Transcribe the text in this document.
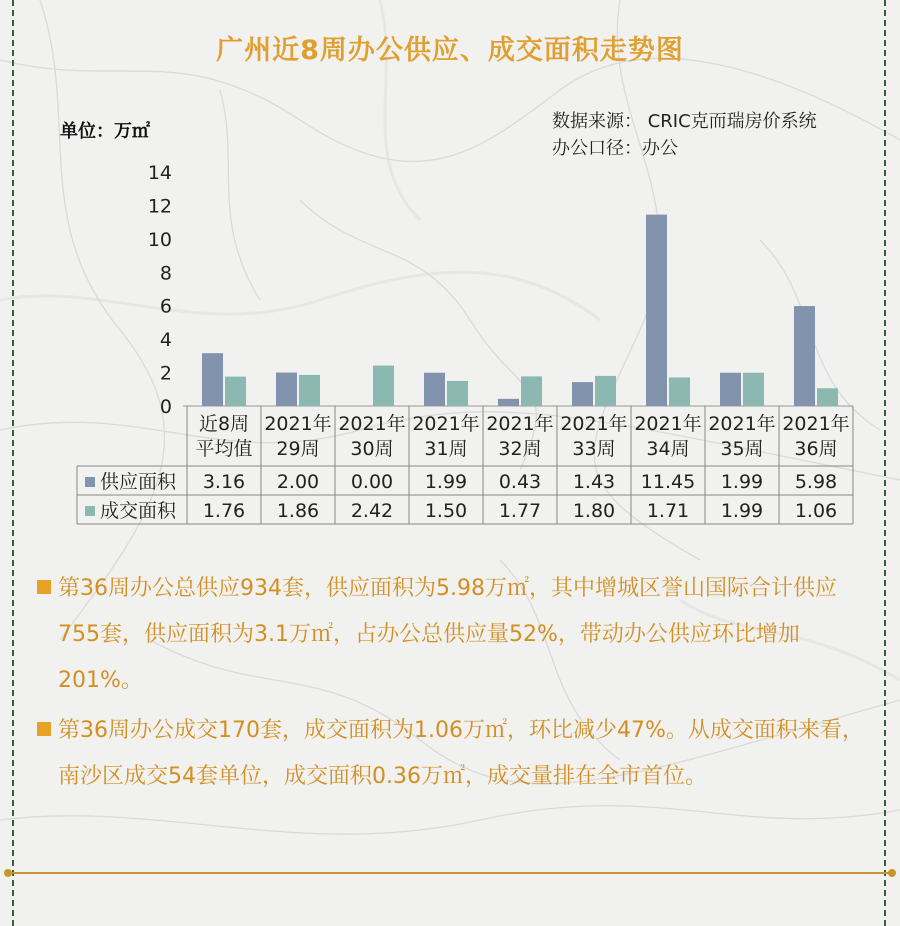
广州近8周办公供应、成交面积走势图
单位：万㎡	数据来源： CRIC克而瑞房价系统
办公口径：办公
0
2
4
6
8
10
12
14
近8周
平均值
2021年
29周
2021年
30周
2021年
31周
2021年
32周
2021年
33周
2021年
34周
2021年
35周
2021年
36周
供应面积 3.16 2.00 0.00 1.99 0.43 1.43 11.45 1.99 5.98
成交面积 1.76 1.86 2.42 1.50 1.77 1.80 1.71 1.99 1.06
第36周办公总供应934套，供应面积为5.98万㎡，其中增城区誉山国际合计供应755套，供应面积为3.1万㎡，占办公总供应量52%，带动办公供应环比增加201%。
第36周办公成交170套，成交面积为1.06万㎡，环比减少47%。从成交面积来看，南沙区成交54套单位，成交面积0.36万㎡，成交量排在全市首位。
